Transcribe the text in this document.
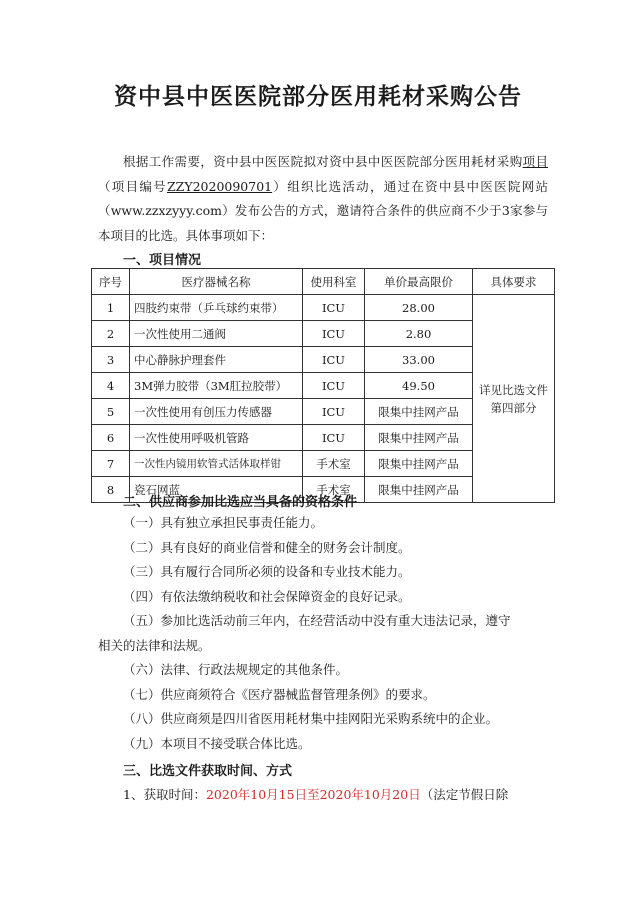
资中县中医医院部分医用耗材采购公告
根据工作需要，资中县中医医院拟对资中县中医医院部分医用耗材采购项目（项目编号ZZY2020090701）组织比选活动，通过在资中县中医医院网站（www.zzxzyyy.com）发布公告的方式，邀请符合条件的供应商不少于3家参与本项目的比选。具体事项如下：
一、项目情况
序号	医疗器械名称	使用科室	单价最高限价	具体要求
1	四肢约束带（乒乓球约束带）	ICU	28.00	详见比选文件第四部分
2	一次性使用二通阀	ICU	2.80	
3	中心静脉护理套件	ICU	33.00	
4	3M弹力胶带（3M肛拉胶带）	ICU	49.50	
5	一次性使用有创压力传感器	ICU	限集中挂网产品	
6	一次性使用呼吸机管路	ICU	限集中挂网产品	
7	一次性内镜用软管式活体取样钳	手术室	限集中挂网产品	
8	瓷石网蓝	手术室	限集中挂网产品	
二、供应商参加比选应当具备的资格条件
（一）具有独立承担民事责任能力。
（二）具有良好的商业信誉和健全的财务会计制度。
（三）具有履行合同所必须的设备和专业技术能力。
（四）有依法缴纳税收和社会保障资金的良好记录。
（五）参加比选活动前三年内，在经营活动中没有重大违法记录，遵守
相关的法律和法规。
（六）法律、行政法规规定的其他条件。
（七）供应商须符合《医疗器械监督管理条例》的要求。
（八）供应商须是四川省医用耗材集中挂网阳光采购系统中的企业。
（九）本项目不接受联合体比选。
三、比选文件获取时间、方式
1、获取时间：2020年10月15日至2020年10月20日（法定节假日除
